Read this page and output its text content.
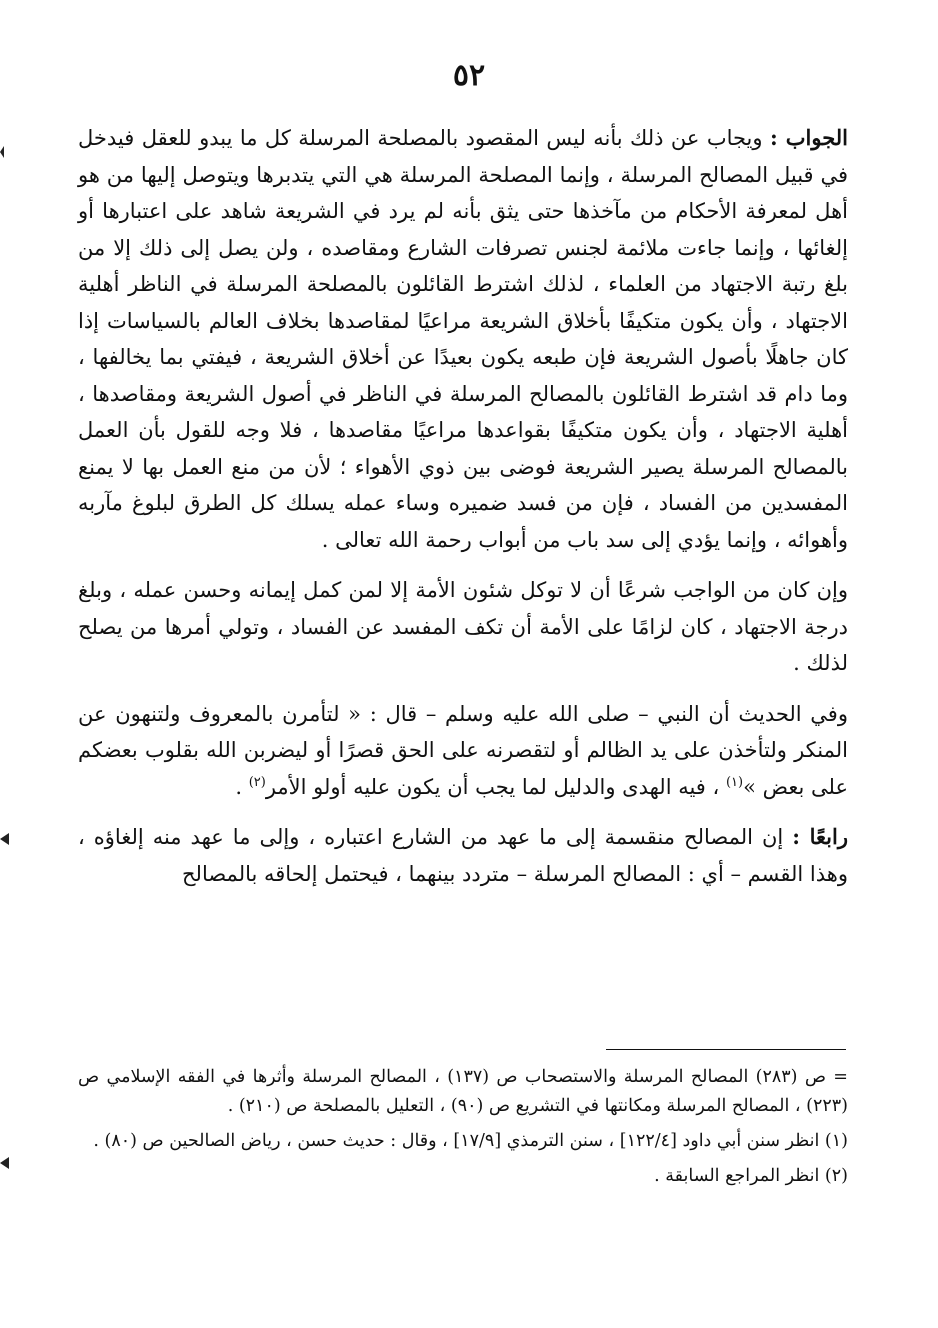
٥٢

الجواب : ويجاب عن ذلك بأنه ليس المقصود بالمصلحة المرسلة كل ما يبدو للعقل فيدخل في قبيل المصالح المرسلة ، وإنما المصلحة المرسلة هي التي يتدبرها ويتوصل إليها من هو أهل لمعرفة الأحكام من مآخذها حتى يثق بأنه لم يرد في الشريعة شاهد على اعتبارها أو إلغائها ، وإنما جاءت ملائمة لجنس تصرفات الشارع ومقاصده ، ولن يصل إلى ذلك إلا من بلغ رتبة الاجتهاد من العلماء ، لذلك اشترط القائلون بالمصلحة المرسلة في الناظر أهلية الاجتهاد ، وأن يكون متكيفًا بأخلاق الشريعة مراعيًا لمقاصدها بخلاف العالم بالسياسات إذا كان جاهلًا بأصول الشريعة فإن طبعه يكون بعيدًا عن أخلاق الشريعة ، فيفتي بما يخالفها ، وما دام قد اشترط القائلون بالمصالح المرسلة في الناظر في أصول الشريعة ومقاصدها ، أهلية الاجتهاد ، وأن يكون متكيفًا بقواعدها مراعيًا مقاصدها ، فلا وجه للقول بأن العمل بالمصالح المرسلة يصير الشريعة فوضى بين ذوي الأهواء ؛ لأن من منع العمل بها لا يمنع المفسدين من الفساد ، فإن من فسد ضميره وساء عمله يسلك كل الطرق لبلوغ مآربه وأهوائه ، وإنما يؤدي إلى سد باب من أبواب رحمة الله تعالى .

وإن كان من الواجب شرعًا أن لا توكل شئون الأمة إلا لمن كمل إيمانه وحسن عمله ، وبلغ درجة الاجتهاد ، كان لزامًا على الأمة أن تكف المفسد عن الفساد ، وتولي أمرها من يصلح لذلك .

وفي الحديث أن النبي – صلى الله عليه وسلم – قال : « لتأمرن بالمعروف ولتنهون عن المنكر ولتأخذن على يد الظالم أو لتقصرنه على الحق قصرًا أو ليضربن الله بقلوب بعضكم على بعض »$^{(١)}$ ، فيه الهدى والدليل لما يجب أن يكون عليه أولو الأمر$^{(٢)}$ .

رابعًا : إن المصالح منقسمة إلى ما عهد من الشارع اعتباره ، وإلى ما عهد منه إلغاؤه ، وهذا القسم – أي : المصالح المرسلة – متردد بينهما ، فيحتمل إلحاقه بالمصالح

= ص (٢٨٣) المصالح المرسلة والاستصحاب ص (١٣٧) ، المصالح المرسلة وأثرها في الفقه الإسلامي ص (٢٢٣) ، المصالح المرسلة ومكانتها في التشريع ص (٩٠) ، التعليل بالمصلحة ص (٢١٠) .

(١) انظر سنن أبي داود [١٢٢/٤] ، سنن الترمذي [١٧/٩] ، وقال : حديث حسن ، رياض الصالحين ص (٨٠) .

(٢) انظر المراجع السابقة .
